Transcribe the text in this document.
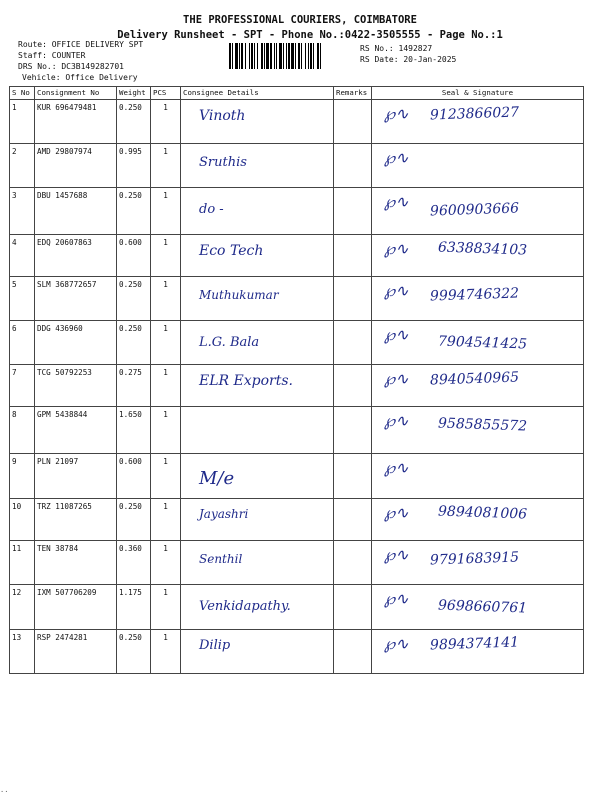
THE PROFESSIONAL COURIERS, COIMBATORE
Delivery Runsheet - SPT - Phone No.:0422-3505555 - Page No.:1
Route: OFFICE DELIVERY SPT
Staff: COUNTER
DRS No.: DC3B149282701
Vehicle: Office Delivery
RS No.: 1492827
RS Date: 20-Jan-2025
S No	Consignment No	Weight	PCS	Consignee Details	Remarks	Seal & Signature
1	KUR 696479481	0.250	1	Vinoth		9123866027
℘∿

2	AMD 29807974	0.995	1	Sruthis		℘∿

3	DBU 1457688	0.250	1	do -		9600903666
℘∿

4	EDQ 20607863	0.600	1	Eco Tech		6338834103
℘∿

5	SLM 368772657	0.250	1	Muthukumar		9994746322
℘∿

6	DDG 436960	0.250	1	L.G. Bala		7904541425
℘∿

7	TCG 50792253	0.275	1	ELR Exports.		8940540965
℘∿

8	GPM 5438844	1.650	1			9585855572
℘∿

9	PLN 21097	0.600	1	M/e		℘∿

10	TRZ 11087265	0.250	1	Jayashri		9894081006
℘∿

11	TEN 38784	0.360	1	Senthil		9791683915
℘∿

12	IXM 507706209	1.175	1	Venkidapathy.		9698660761
℘∿

13	RSP 2474281	0.250	1	Dilip		9894374141
℘∿
··
